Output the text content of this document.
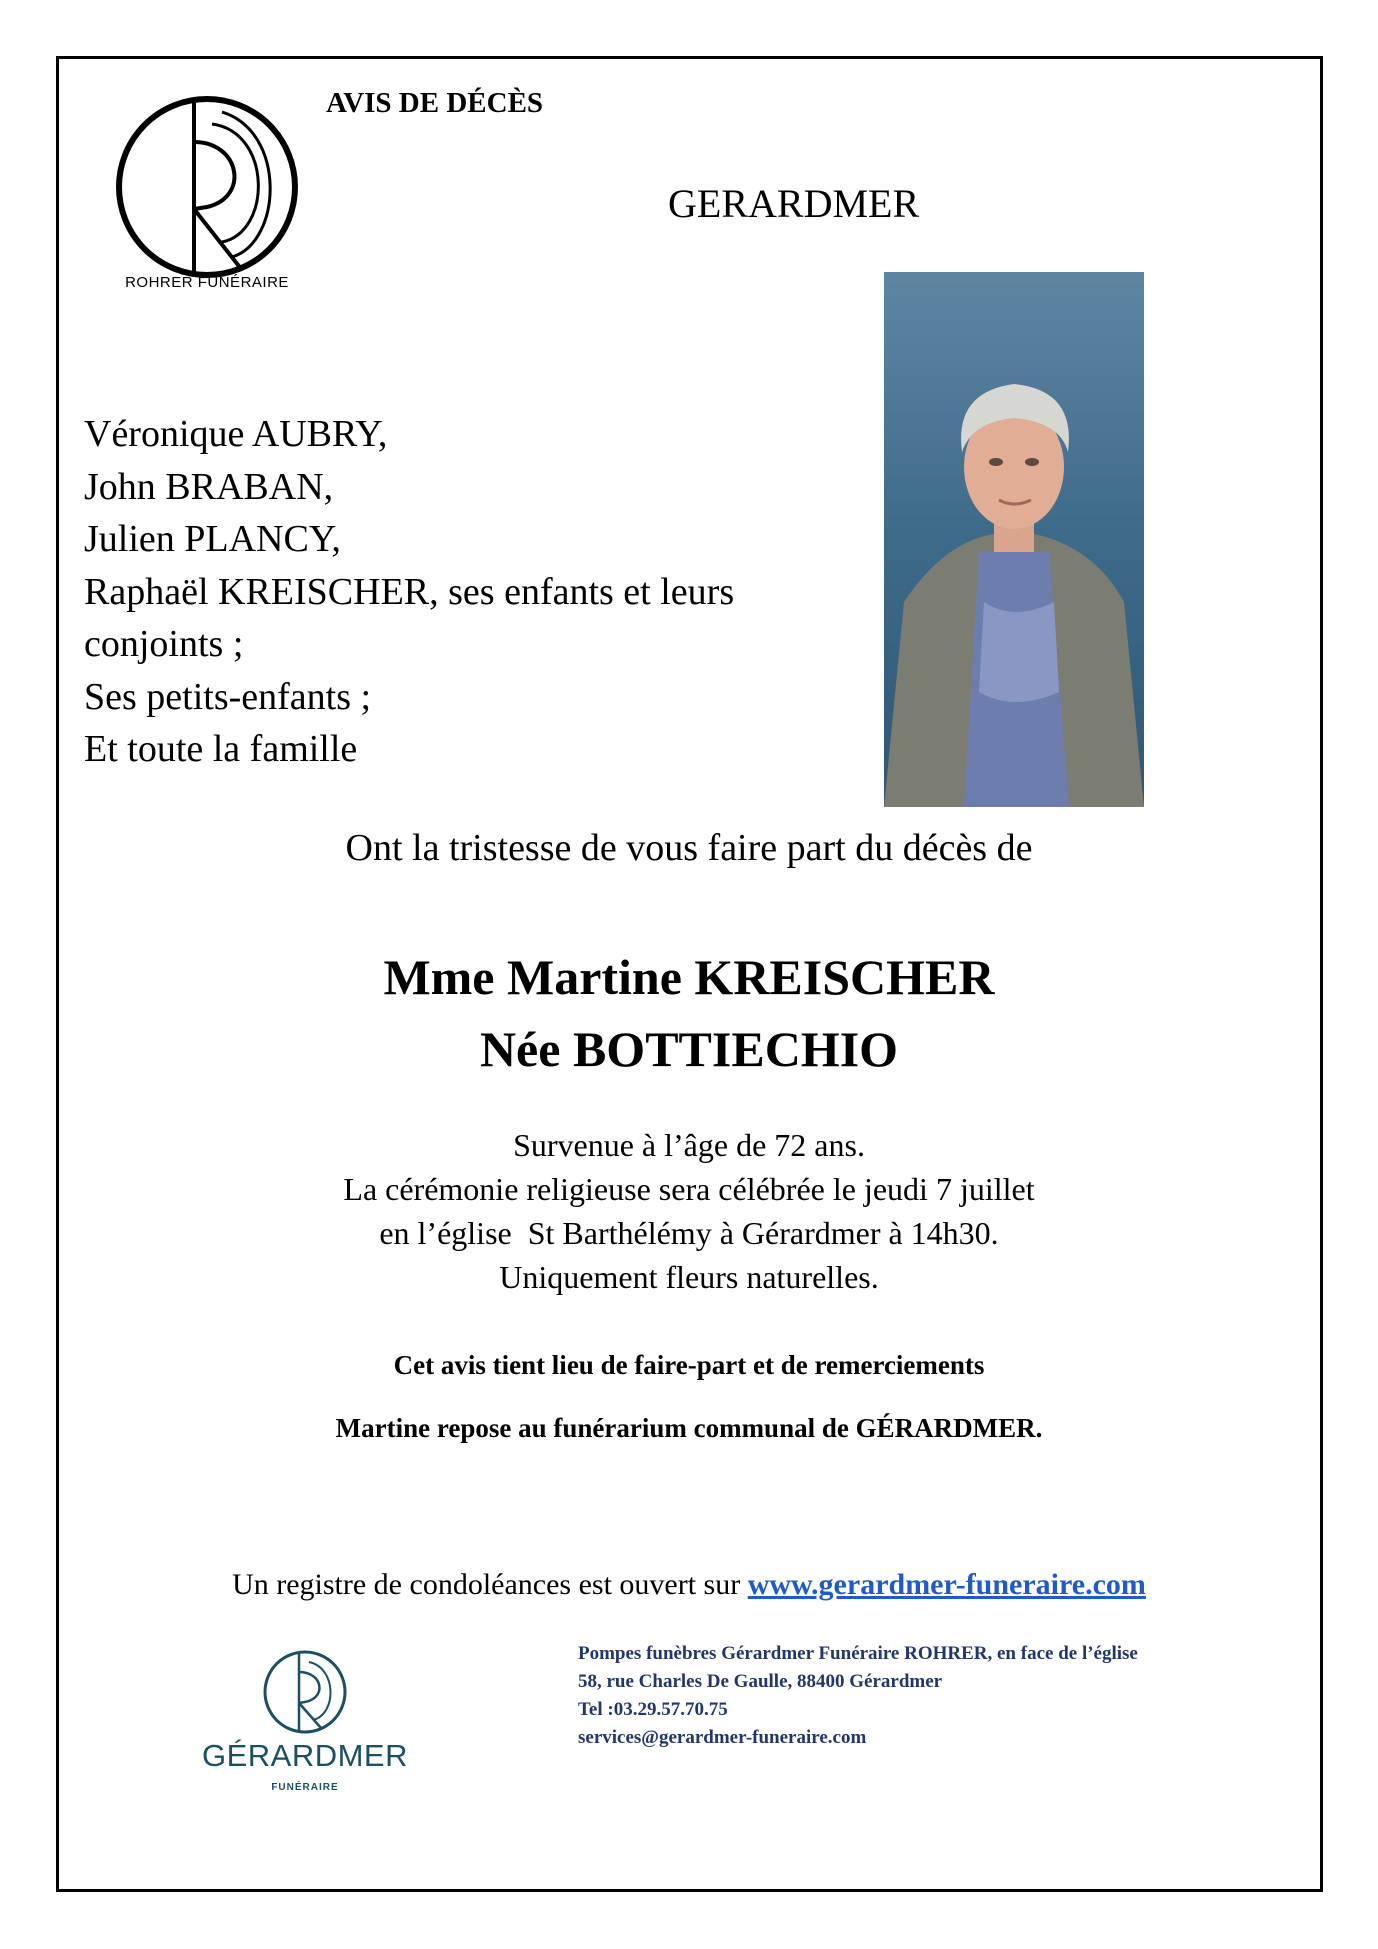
ROHRER FUNÉRAIRE
AVIS DE DÉCÈS
GERARDMER
Véronique AUBRY,
John BRABAN,
Julien PLANCY,
Raphaël KREISCHER, ses enfants et leurs
conjoints ;
Ses petits-enfants ;
Et toute la famille
Ont la tristesse de vous faire part du décès de
Mme Martine KREISCHER
Née BOTTIECHIO
Survenue à l’âge de 72 ans.
La cérémonie religieuse sera célébrée le jeudi 7 juillet
en l’église  St Barthélémy à Gérardmer à 14h30.
Uniquement fleurs naturelles.
Cet avis tient lieu de faire-part et de remerciements
Martine repose au funérarium communal de GÉRARDMER.
Un registre de condoléances est ouvert sur www.gerardmer-funeraire.com
GÉRARDMER
FUNÉRAIRE
Pompes funèbres Gérardmer Funéraire ROHRER, en face de l’église
58, rue Charles De Gaulle, 88400 Gérardmer
Tel :03.29.57.70.75
services@gerardmer-funeraire.com
